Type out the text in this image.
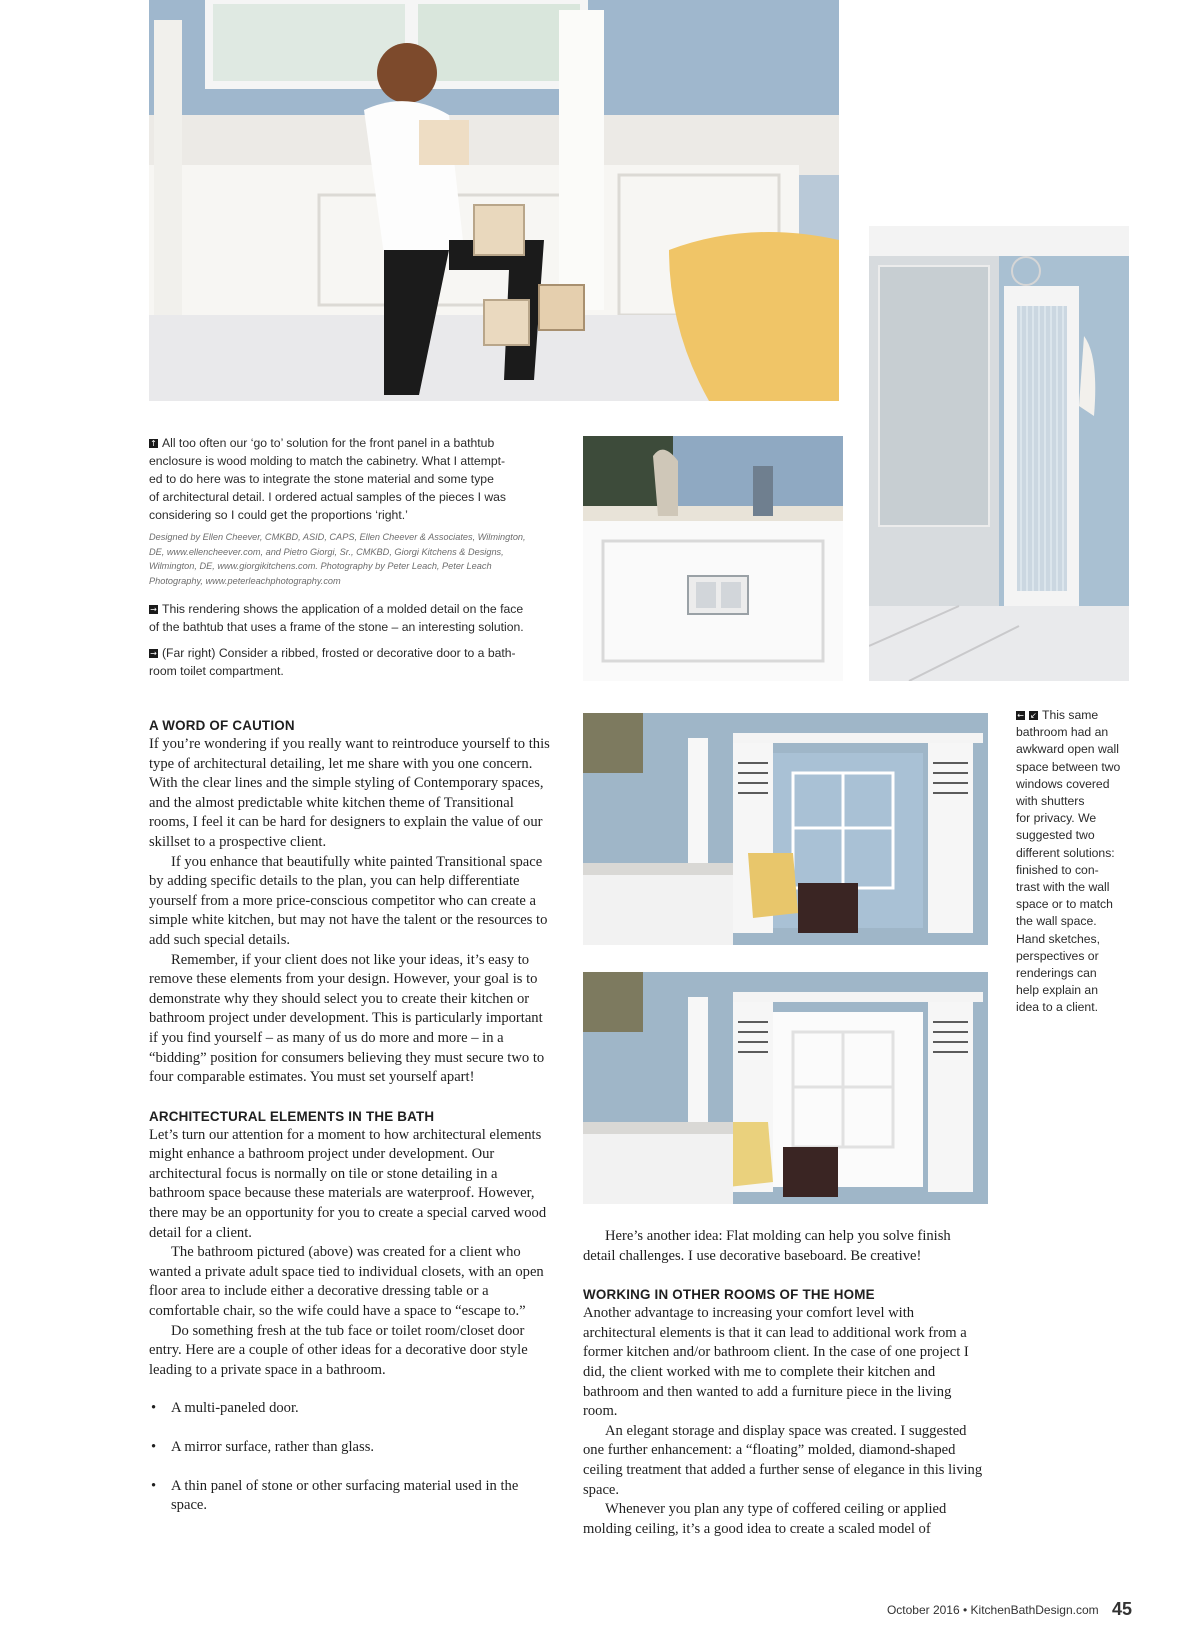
↑ All too often our ‘go to’ solution for the front panel in a bathtub
enclosure is wood molding to match the cabinetry. What I attempt-
ed to do here was to integrate the stone material and some type
of architectural detail. I ordered actual samples of the pieces I was
considering so I could get the proportions ‘right.’
Designed by Ellen Cheever, CMKBD, ASID, CAPS, Ellen Cheever & Associates, Wilmington,
DE, www.ellencheever.com, and Pietro Giorgi, Sr., CMKBD, Giorgi Kitchens & Designs,
Wilmington, DE, www.giorgikitchens.com. Photography by Peter Leach, Peter Leach
Photography, www.peterleachphotography.com

→ This rendering shows the application of a molded detail on the face
of the bathtub that uses a frame of the stone – an interesting solution.

→ (Far right) Consider a ribbed, frosted or decorative door to a bath-
room toilet compartment.

← ↙ This same
bathroom had an
awkward open wall
space between two
windows covered
with shutters
for privacy. We
suggested two
different solutions:
finished to con-
trast with the wall
space or to match
the wall space.
Hand sketches,
perspectives or
renderings can
help explain an
idea to a client.
A WORD OF CAUTION

If you’re wondering if you really want to reintroduce yourself to this type of architectural detailing, let me share with you one concern. With the clear lines and the simple styling of Contemporary spaces, and the almost predictable white kitchen theme of Transitional rooms, I feel it can be hard for designers to explain the value of our skillset to a prospective client.

If you enhance that beautifully white painted Transitional space by adding specific details to the plan, you can help differentiate yourself from a more price-conscious competitor who can create a simple white kitchen, but may not have the talent or the resources to add such special details.

Remember, if your client does not like your ideas, it’s easy to remove these elements from your design. However, your goal is to demonstrate why they should select you to create their kitchen or bathroom project under development. This is particularly important if you find yourself – as many of us do more and more – in a “bidding” position for consumers believing they must secure two to four comparable estimates. You must set yourself apart!

ARCHITECTURAL ELEMENTS IN THE BATH

Let’s turn our attention for a moment to how architectural elements might enhance a bathroom project under development. Our architectural focus is normally on tile or stone detailing in a bathroom space because these materials are waterproof. However, there may be an opportunity for you to create a special carved wood detail for a client.

The bathroom pictured (above) was created for a client who wanted a private adult space tied to individual closets, with an open floor area to include either a decorative dressing table or a comfortable chair, so the wife could have a space to “escape to.”

Do something fresh at the tub face or toilet room/closet door entry. Here are a couple of other ideas for a decorative door style leading to a private space in a bathroom.

• A multi-paneled door.
• A mirror surface, rather than glass.
• A thin panel of stone or other surfacing material used in the space.

Here’s another idea: Flat molding can help you solve finish detail challenges. I use decorative baseboard. Be creative!

WORKING IN OTHER ROOMS OF THE HOME

Another advantage to increasing your comfort level with architectural elements is that it can lead to additional work from a former kitchen and/or bathroom client. In the case of one project I did, the client worked with me to complete their kitchen and bathroom and then wanted to add a furniture piece in the living room.

An elegant storage and display space was created. I suggested one further enhancement: a “floating” molded, diamond-shaped ceiling treatment that added a further sense of elegance in this living space.

Whenever you plan any type of coffered ceiling or applied molding ceiling, it’s a good idea to create a scaled model of

October 2016 • KitchenBathDesign.com 45
